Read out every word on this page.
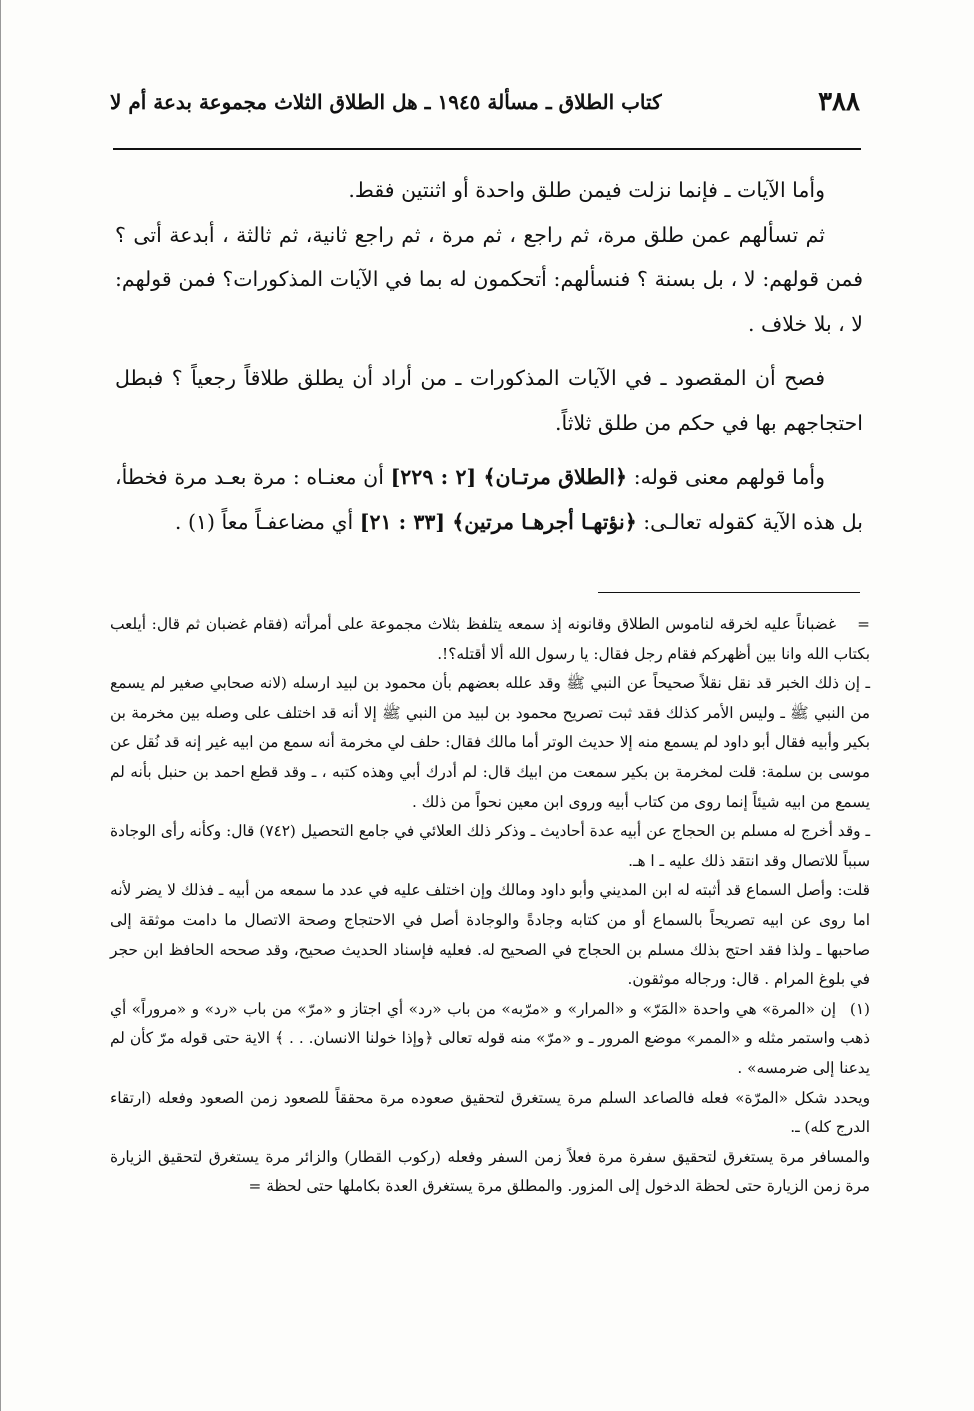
٣٨٨
كتاب الطلاق ـ مسألة ١٩٤٥ ـ هل الطلاق الثلاث مجموعة بدعة أم لا

وأما الآيات ـ فإنما نزلت فيمن طلق واحدة أو اثنتين فقط.

ثم تسألهم عمن طلق مرة، ثم راجع ، ثم مرة ، ثم راجع ثانية، ثم ثالثة ، أبدعة أتى ؟ فمن قولهم: لا ، بل بسنة ؟ فنسألهم: أتحكمون له بما في الآيات المذكورات؟ فمن قولهم: لا ، بلا خلاف .

فصح أن المقصود ـ في الآيات المذكورات ـ من أراد أن يطلق طلاقاً رجعياً ؟ فبطل احتجاجهم بها في حكم من طلق ثلاثاً.

وأما قولهم معنى قوله: ﴿الطلاق مرتـان﴾ [٢ : ٢٢٩] أن معنـاه : مرة بعـد مرة فخطأ، بل هذه الآية كقوله تعالـى: ﴿نؤتهـا أجرهـا مرتين﴾ [٣٣ : ٢١] أي مضاعفـاً معاً (١) .

=غضباناً عليه لخرقه لناموس الطلاق وقانونه إذ سمعه يتلفظ بثلاث مجموعة على أمرأته (فقام غضبان ثم قال: أيلعب بكتاب الله وانا بين أظهركم فقام رجل فقال: يا رسول الله ألا أقتله؟!.

ـ إن ذلك الخبر قد نقل نقلاً صحيحاً عن النبي ﷺ وقد علله بعضهم بأن محمود بن لبيد ارسله (لانه صحابي صغير لم يسمع من النبي ﷺ ـ وليس الأمر كذلك فقد ثبت تصريح محمود بن لبيد من النبي ﷺ إلا أنه قد اختلف على وصله بين مخرمة بن بكير وأبيه فقال أبو داود لم يسمع منه إلا حديث الوتر أما مالك فقال: حلف لي مخرمة أنه سمع من ابيه غير إنه قد نُقل عن موسى بن سلمة: قلت لمخرمة بن بكير سمعت من ابيك قال: لم أدرك أبي وهذه كتبه ، ـ وقد قطع احمد بن حنبل بأنه لم يسمع من ابيه شيئاً إنما روى من كتاب أبيه وروى ابن معين نحواً من ذلك .

ـ وقد أخرج له مسلم بن الحجاج عن أبيه عدة أحاديث ـ وذكر ذلك العلائي في جامع التحصيل (٧٤٢) قال: وكأنه رأى الوجادة سبباً للاتصال وقد انتقد ذلك عليه ـ ا هـ.

قلت: وأصل السماع قد أثبته له ابن المديني وأبو داود ومالك وإن اختلف عليه في عدد ما سمعه من أبيه ـ فذلك لا يضر لأنه اما روى عن ابيه تصريحاً بالسماع أو من كتابه وجادةً والوجادة أصل في الاحتجاج وصحة الاتصال ما دامت موثقة إلى صاحبها ـ ولذا فقد احتج بذلك مسلم بن الحجاج في الصحيح له. فعليه فإسناد الحديث صحيح، وقد صححه الحافظ ابن حجر في بلوغ المرام . قال: ورجاله موثقون.

(١)إن «المرة» هي واحدة «المَرّ» و «المرار» و «مرّبه» من باب «رد» أي اجتاز و «مرّ» من باب «رد» و «مروراً» أي ذهب واستمر مثله و «الممر» موضع المرور ـ و «مرّ» منه قوله تعالى ﴿وإذا خولنا الانسان. . . ﴾ الاية حتى قوله مرّ كأن لم يدعنا إلى ضرمسه» .

ويحدد شكل «المرّة» فعله فالصاعد السلم مرة يستغرق لتحقيق صعوده مرة محققاً للصعود زمن الصعود وفعله (ارتقاء الدرج كله) ـ.

والمسافر مرة يستغرق لتحقيق سفرة مرة فعلاً زمن السفر وفعله (ركوب القطار) والزائر مرة يستغرق لتحقيق الزيارة مرة زمن الزيارة حتى لحظة الدخول إلى المزور. والمطلق مرة يستغرق العدة بكاملها حتى لحظة =
